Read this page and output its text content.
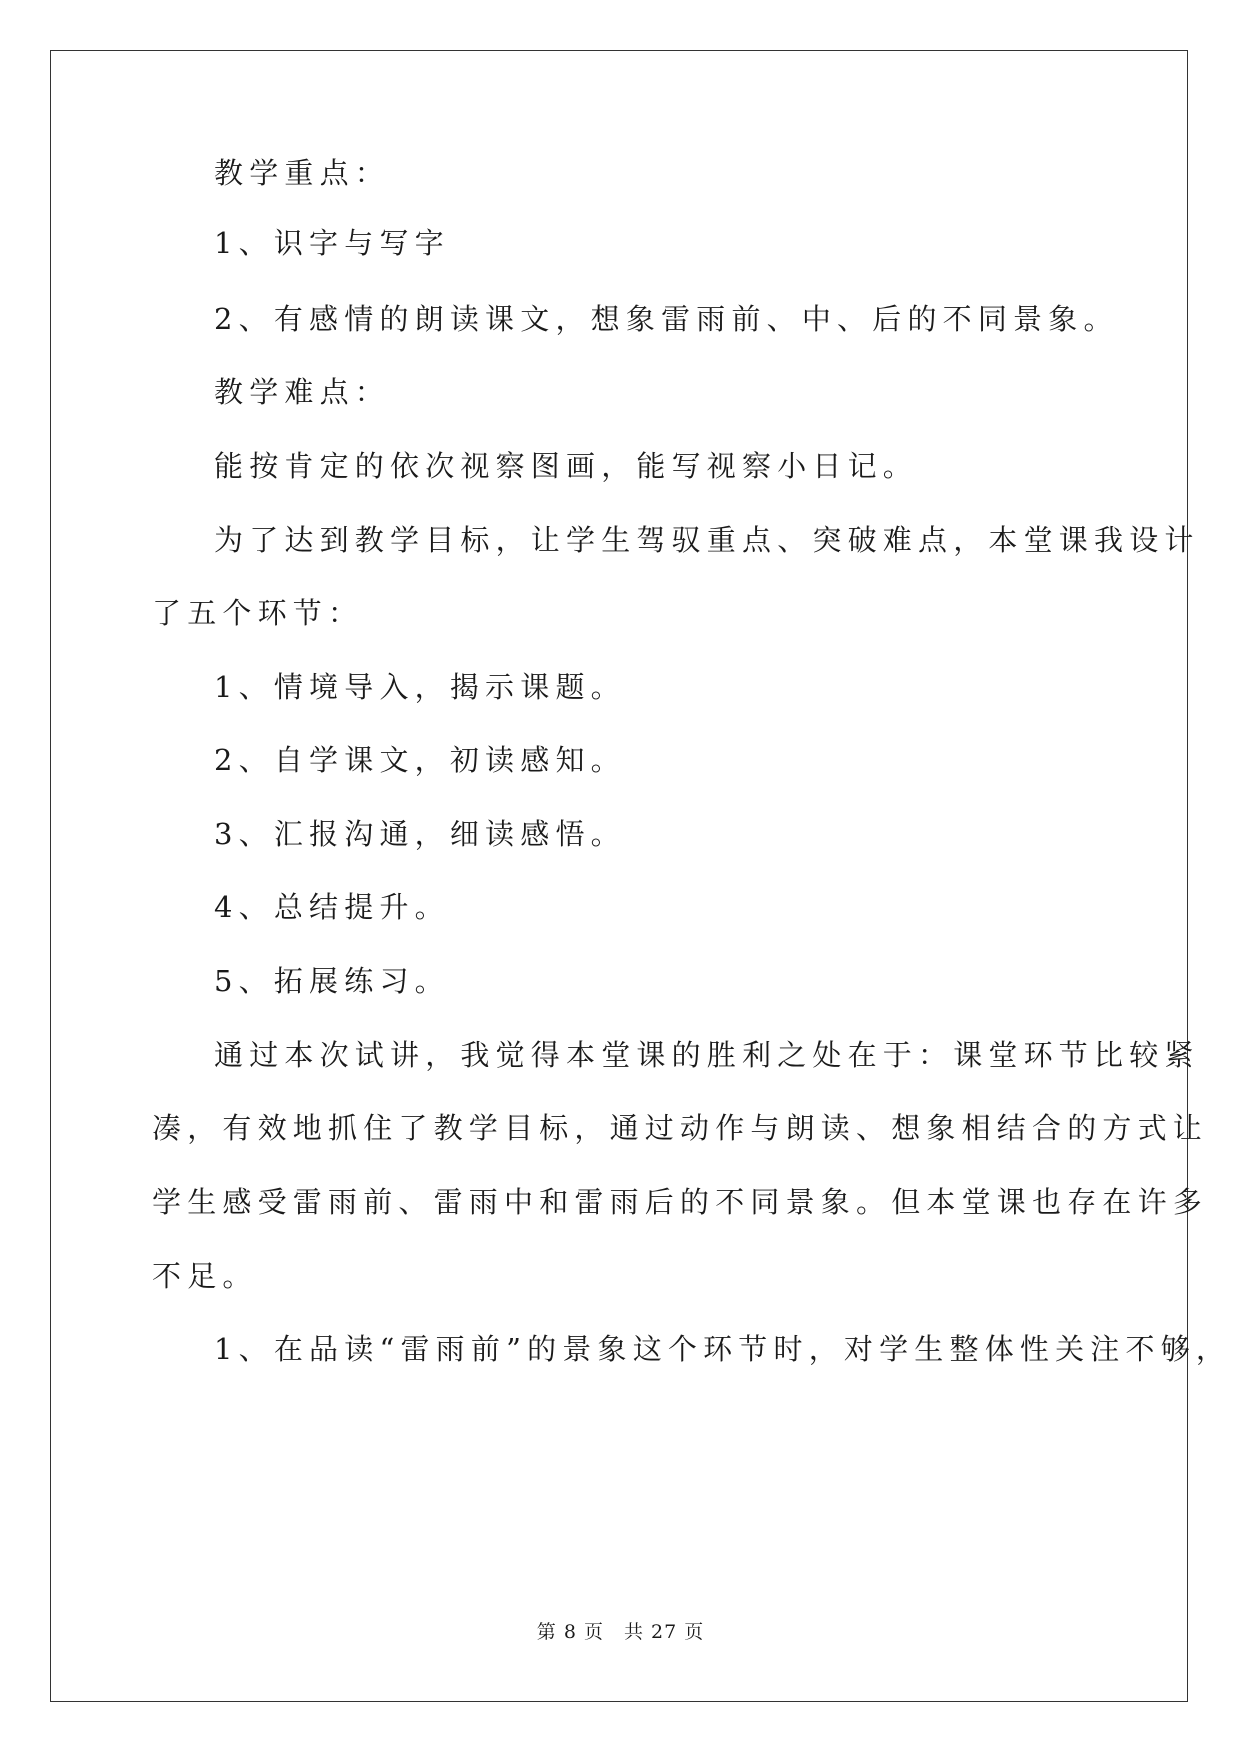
教学重点：
1、识字与写字
2、有感情的朗读课文，想象雷雨前、中、后的不同景象。
教学难点：
能按肯定的依次视察图画，能写视察小日记。
为了达到教学目标，让学生驾驭重点、突破难点，本堂课我设计
了五个环节：
1、情境导入，揭示课题。
2、自学课文，初读感知。
3、汇报沟通，细读感悟。
4、总结提升。
5、拓展练习。
通过本次试讲，我觉得本堂课的胜利之处在于：课堂环节比较紧
凑，有效地抓住了教学目标，通过动作与朗读、想象相结合的方式让
学生感受雷雨前、雷雨中和雷雨后的不同景象。但本堂课也存在许多
不足。
1、在品读“雷雨前”的景象这个环节时，对学生整体性关注不够，
第 8 页　共 27 页
